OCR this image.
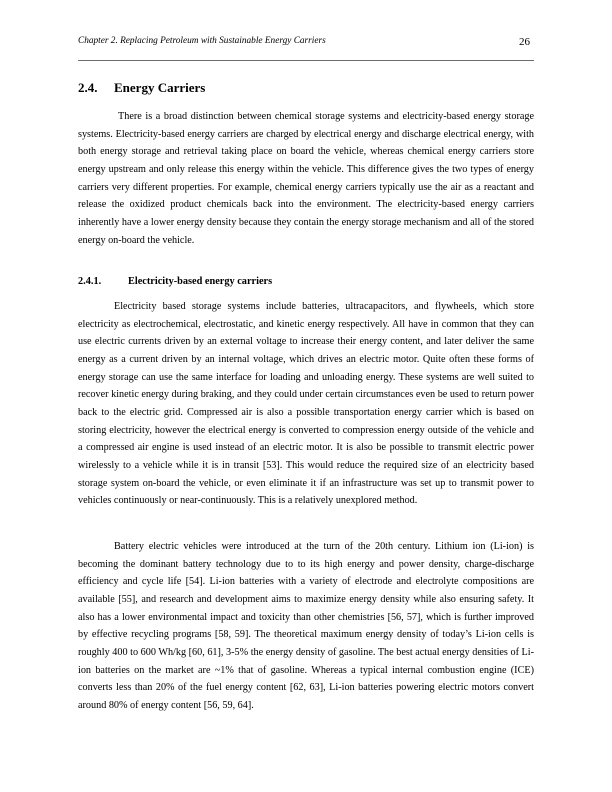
Chapter 2. Replacing Petroleum with Sustainable Energy Carriers	26
2.4. Energy Carriers

There is a broad distinction between chemical storage systems and electricity-based energy storage systems. Electricity-based energy carriers are charged by electrical energy and discharge electrical energy, with both energy storage and retrieval taking place on board the vehicle, whereas chemical energy carriers store energy upstream and only release this energy within the vehicle. This difference gives the two types of energy carriers very different properties. For example, chemical energy carriers typically use the air as a reactant and release the oxidized product chemicals back into the environment. The electricity-based energy carriers inherently have a lower energy density because they contain the energy storage mechanism and all of the stored energy on-board the vehicle.

2.4.1.	Electricity-based energy carriers

Electricity based storage systems include batteries, ultracapacitors, and flywheels, which store electricity as electrochemical, electrostatic, and kinetic energy respectively. All have in common that they can use electric currents driven by an external voltage to increase their energy content, and later deliver the same energy as a current driven by an internal voltage, which drives an electric motor. Quite often these forms of energy storage can use the same interface for loading and unloading energy. These systems are well suited to recover kinetic energy during braking, and they could under certain circumstances even be used to return power back to the electric grid. Compressed air is also a possible transportation energy carrier which is based on storing electricity, however the electrical energy is converted to compression energy outside of the vehicle and a compressed air engine is used instead of an electric motor. It is also be possible to transmit electric power wirelessly to a vehicle while it is in transit [53]. This would reduce the required size of an electricity based storage system on-board the vehicle, or even eliminate it if an infrastructure was set up to transmit power to vehicles continuously or near-continuously. This is a relatively unexplored method.

Battery electric vehicles were introduced at the turn of the 20th century. Lithium ion (Li-ion) is becoming the dominant battery technology due to to its high energy and power density, charge-discharge efficiency and cycle life [54]. Li-ion batteries with a variety of electrode and electrolyte compositions are available [55], and research and development aims to maximize energy density while also ensuring safety. It also has a lower environmental impact and toxicity than other chemistries [56, 57], which is further improved by effective recycling programs [58, 59]. The theoretical maximum energy density of today’s Li-ion cells is roughly 400 to 600 Wh/kg [60, 61], 3-5% the energy density of gasoline. The best actual energy densities of Li-ion batteries on the market are ~1% that of gasoline. Whereas a typical internal combustion engine (ICE) converts less than 20% of the fuel energy content [62, 63], Li-ion batteries powering electric motors convert around 80% of energy content [56, 59, 64].
